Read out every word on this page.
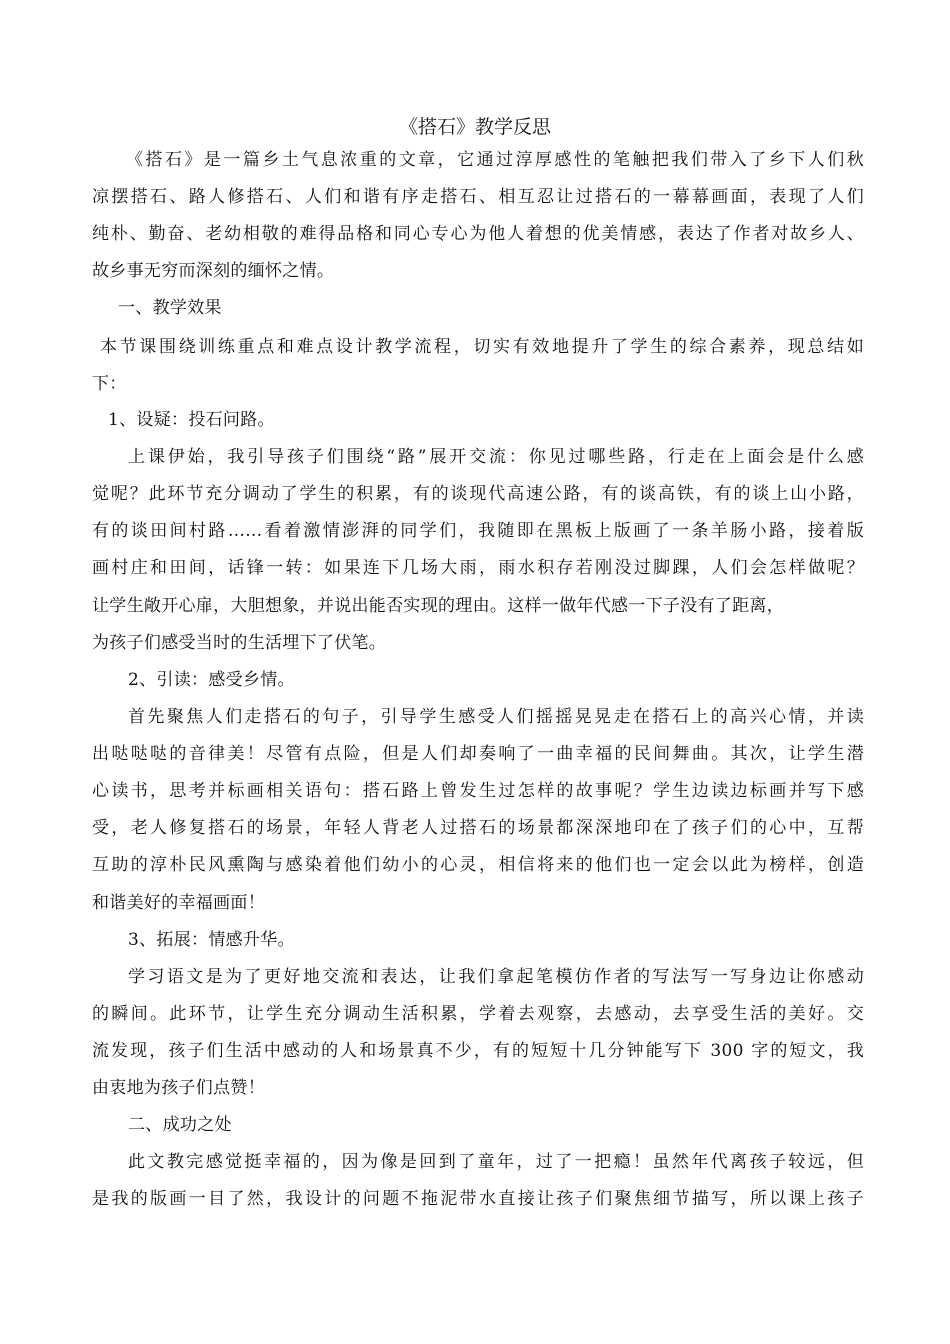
《搭石》教学反思
《搭石》是一篇乡土气息浓重的文章，它通过淳厚感性的笔触把我们带入了乡下人们秋
凉摆搭石、路人修搭石、人们和谐有序走搭石、相互忍让过搭石的一幕幕画面，表现了人们
纯朴、勤奋、老幼相敬的难得品格和同心专心为他人着想的优美情感，表达了作者对故乡人、
故乡事无穷而深刻的缅怀之情。
一、教学效果
本节课围绕训练重点和难点设计教学流程，切实有效地提升了学生的综合素养，现总结如
下：
1、设疑：投石问路。
上课伊始，我引导孩子们围绕“路”展开交流：你见过哪些路，行走在上面会是什么感
觉呢？此环节充分调动了学生的积累，有的谈现代高速公路，有的谈高铁，有的谈上山小路，
有的谈田间村路……看着激情澎湃的同学们，我随即在黑板上版画了一条羊肠小路，接着版
画村庄和田间，话锋一转：如果连下几场大雨，雨水积存若刚没过脚踝，人们会怎样做呢？
让学生敞开心扉，大胆想象，并说出能否实现的理由。这样一做年代感一下子没有了距离，
为孩子们感受当时的生活埋下了伏笔。
2、引读：感受乡情。
首先聚焦人们走搭石的句子，引导学生感受人们摇摇晃晃走在搭石上的高兴心情，并读
出哒哒哒的音律美！尽管有点险，但是人们却奏响了一曲幸福的民间舞曲。其次，让学生潜
心读书，思考并标画相关语句：搭石路上曾发生过怎样的故事呢？学生边读边标画并写下感
受，老人修复搭石的场景，年轻人背老人过搭石的场景都深深地印在了孩子们的心中，互帮
互助的淳朴民风熏陶与感染着他们幼小的心灵，相信将来的他们也一定会以此为榜样，创造
和谐美好的幸福画面！
3、拓展：情感升华。
学习语文是为了更好地交流和表达，让我们拿起笔模仿作者的写法写一写身边让你感动
的瞬间。此环节，让学生充分调动生活积累，学着去观察，去感动，去享受生活的美好。交
流发现，孩子们生活中感动的人和场景真不少，有的短短十几分钟能写下 300 字的短文，我
由衷地为孩子们点赞！
二、成功之处
此文教完感觉挺幸福的，因为像是回到了童年，过了一把瘾！虽然年代离孩子较远，但
是我的版画一目了然，我设计的问题不拖泥带水直接让孩子们聚焦细节描写，所以课上孩子
